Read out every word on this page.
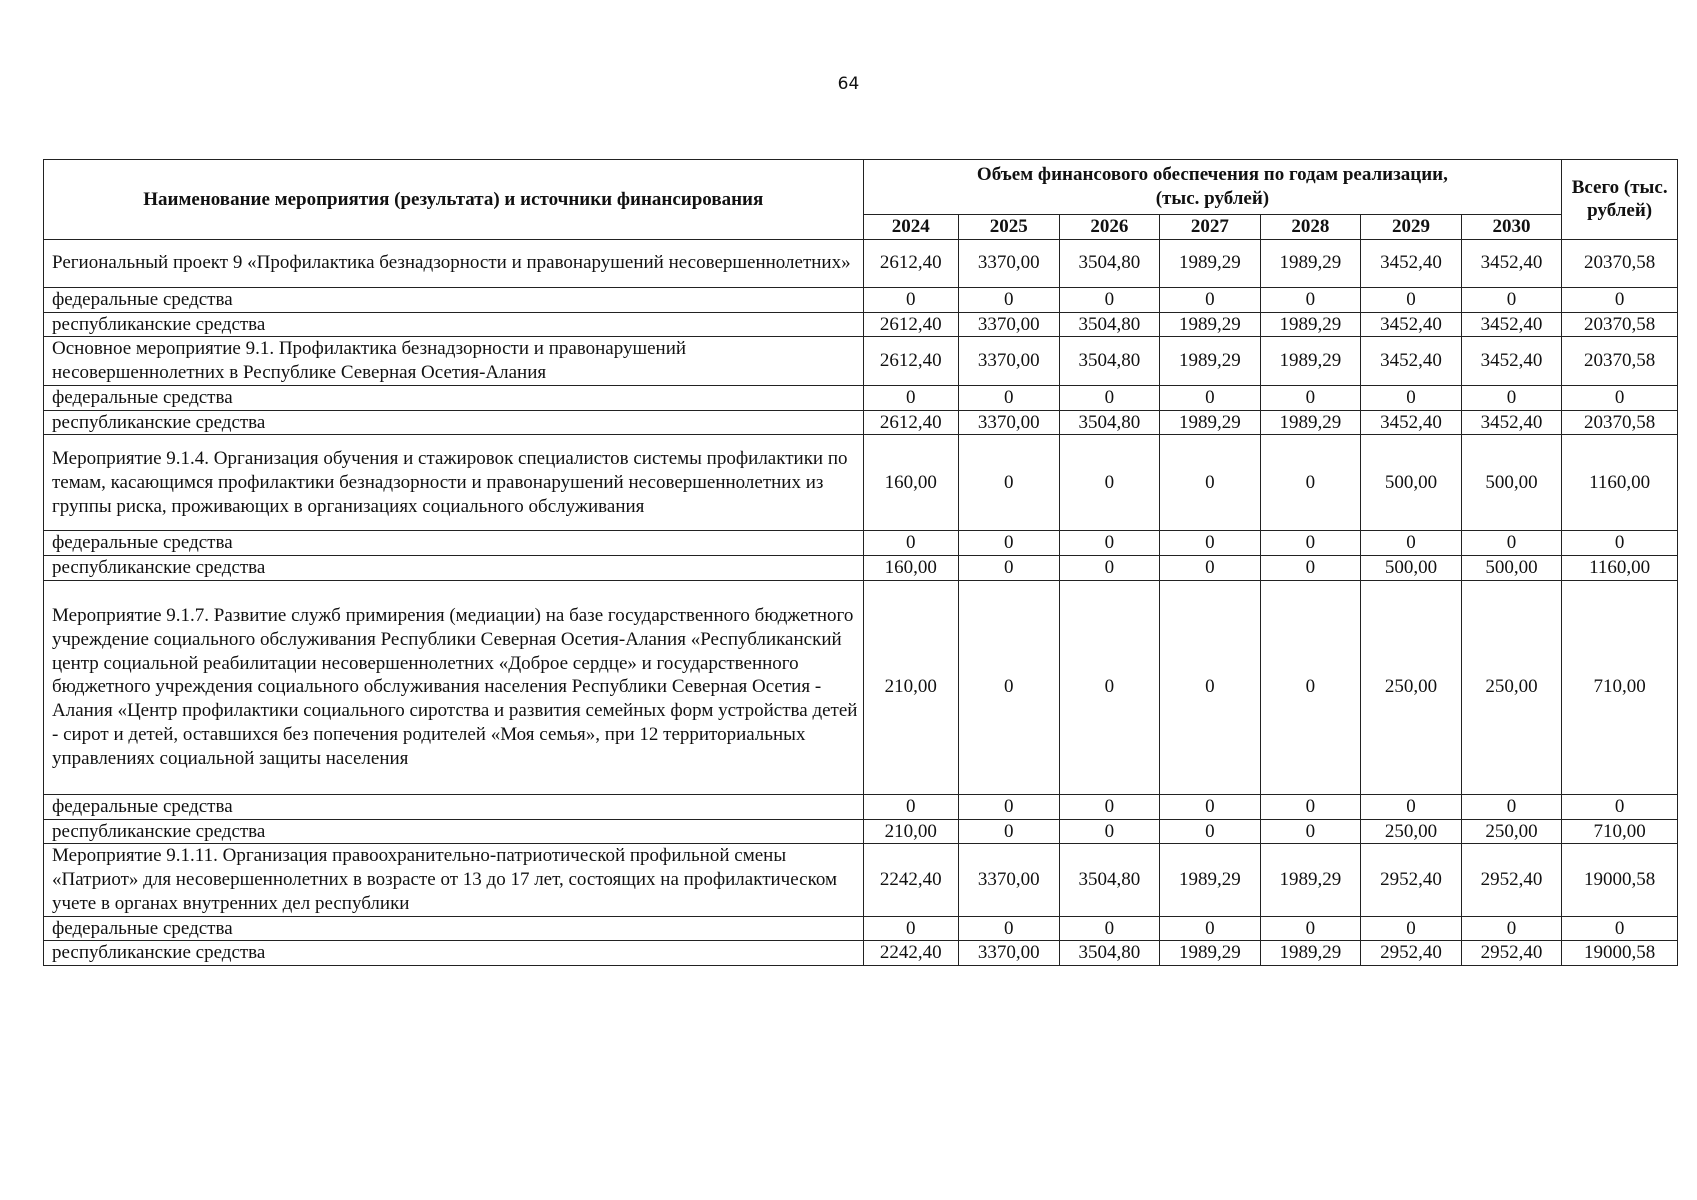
64
Наименование мероприятия (результата) и источники финансирования	Объем финансового обеспечения по годам реализации,
(тыс. рублей)							Всего (тыс. рублей)
	2024	2025	2026	2027	2028	2029	2030	
Региональный проект 9 «Профилактика безнадзорности и правонарушений несовершеннолетних»	2612,40	3370,00	3504,80	1989,29	1989,29	3452,40	3452,40	20370,58
федеральные средства	0	0	0	0	0	0	0	0
республиканские средства	2612,40	3370,00	3504,80	1989,29	1989,29	3452,40	3452,40	20370,58
Основное мероприятие 9.1. Профилактика безнадзорности и правонарушений несовершеннолетних в Республике Северная Осетия-Алания	2612,40	3370,00	3504,80	1989,29	1989,29	3452,40	3452,40	20370,58
федеральные средства	0	0	0	0	0	0	0	0
республиканские средства	2612,40	3370,00	3504,80	1989,29	1989,29	3452,40	3452,40	20370,58
Мероприятие 9.1.4. Организация обучения и стажировок специалистов системы профилактики по темам, касающимся профилактики безнадзорности и правонарушений несовершеннолетних из группы риска, проживающих в организациях социального обслуживания	160,00	0	0	0	0	500,00	500,00	1160,00
федеральные средства	0	0	0	0	0	0	0	0
республиканские средства	160,00	0	0	0	0	500,00	500,00	1160,00
Мероприятие 9.1.7. Развитие служб примирения (медиации) на базе государственного бюджетного учреждение социального обслуживания Республики Северная Осетия-Алания «Республиканский центр социальной реабилитации несовершеннолетних «Доброе сердце» и государственного бюджетного учреждения социального обслуживания населения Республики Северная Осетия - Алания «Центр профилактики социального сиротства и развития семейных форм устройства детей - сирот и детей, оставшихся без попечения родителей «Моя семья», при 12 территориальных управлениях социальной защиты населения	210,00	0	0	0	0	250,00	250,00	710,00
федеральные средства	0	0	0	0	0	0	0	0
республиканские средства	210,00	0	0	0	0	250,00	250,00	710,00
Мероприятие 9.1.11. Организация правоохранительно-патриотической профильной смены «Патриот» для несовершеннолетних в возрасте от 13 до 17 лет, состоящих на профилактическом учете в органах внутренних дел республики	2242,40	3370,00	3504,80	1989,29	1989,29	2952,40	2952,40	19000,58
федеральные средства	0	0	0	0	0	0	0	0
республиканские средства	2242,40	3370,00	3504,80	1989,29	1989,29	2952,40	2952,40	19000,58
